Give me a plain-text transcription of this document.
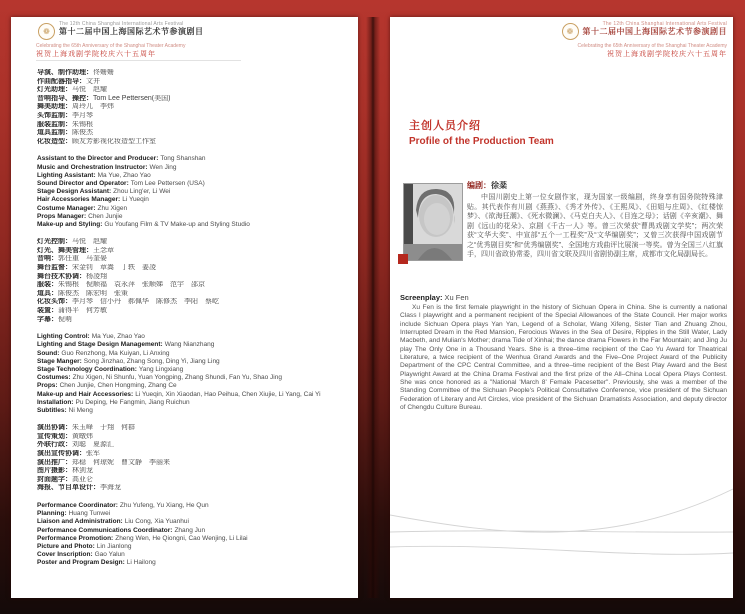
❁
The 12th China Shanghai International Arts Festival
第十二届中国上海国际艺术节参演剧目
Celebrating the 65th Anniversary of the Shanghai Theater Academy
祝贺上海戏剧学院校庆六十五周年
导演、制作助理：佟姗姗
作曲配器指导：文井
灯光助理：马悦　赵耀
音响指导、操控：Tom Lee Pettersen(美国)
舞美助理：周玲儿　李炜
头饰监制：李月琴
服装监制：朱锡根
道具监制：陈俊杰
化妆造型：顾友芳影视化妆造型工作室
Assistant to the Director and Producer: Tong Shanshan
Music and Orchestration Instructor: Wen Jing
Lighting Assistant: Ma Yue, Zhao Yao
Sound Director and Operator: Tom Lee Pettersen (USA)
Stage Design Assistant: Zhou Ling'er, Li Wei
Hair Accessories Manager: Li Yueqin
Costume Manager: Zhu Xigen
Props Manager: Chen Junjie
Make-up and Styling: Gu Youfang Film & TV Make-up and Styling Studio
灯光控制：马悦　赵耀
灯光、舞美管理：王念章
音响：郭任重　马奎晏
舞台监督：宋金钊　章嵩　丁轶　姜凌
舞台技术协调：杨凌翔
服装：朱锡根　倪顺福　袁永萍　张顺娣　范宇　邵京
道具：陈俊杰　陈宏明　张策
化妆头饰：李月琴　信小丹　郝佩华　陈修杰　李阳　蔡屹
装置：蒲得平　何芳敏
字幕：倪萌
Lighting Control: Ma Yue, Zhao Yao
Lighting and Stage Design Management: Wang Nianzhang
Sound: Guo Renzhong, Ma Kuiyan, Li Anxing
Stage Manger: Song Jinzhao, Zhang Song, Ding Yi, Jiang Ling
Stage Technology Coordination: Yang Lingxiang
Costumes: Zhu Xigen, Ni Shunfu, Yuan Yongping, Zhang Shundi, Fan Yu, Shao Jing
Props: Chen Junjie, Chen Hongming, Zhang Ce
Make-up and Hair Accessories: Li Yueqin, Xin Xiaodan, Hao Peihua, Chen Xiujie, Li Yang, Cai Yi
Installation: Pu Deping, He Fangmin, Jiang Ruichun
Subtitles: Ni Meng
演出协调：朱玉峰　于翔　何群
宣传策划：黄暾炜
外联行政：刘聪　夏源汇
演出宣传协调：张军
演出推广：郑稳　何琼妮　曹文静　李丽来
图片摄影：林剑龙
封面题字：高亚仑
海报、节目单设计：李海龙
Performance Coordinator: Zhu Yufeng, Yu Xiang, He Qun
Planning: Huang Tunwei
Liaison and Administration: Liu Cong, Xia Yuanhui
Performance Communications Coordinator: Zhang Jun
Performance Promotion: Zheng Wen, He Qiongni, Cao Wenjing, Li Lilai
Picture and Photo: Lin Jianlong
Cover Inscription: Gao Yalun
Poster and Program Design: Li Hailong
❁
The 12th China Shanghai International Arts Festival
第十二届中国上海国际艺术节参演剧目
Celebrating the 65th Anniversary of the Shanghai Theater Academy
祝贺上海戏剧学院校庆六十五周年
主创人员介绍
Profile of the Production Team
编剧：徐棻

中国川剧史上第一位女剧作家，现为国家一级编剧，终身享有国务院特殊津贴。其代表作有川剧《燕燕》、《秀才外传》、《王熙凤》、《田姐与庄周》、《红楼惊梦》、《欲海狂潮》、《死水微澜》、《马克白夫人》、《目连之母》；话剧《辛亥潮》、舞剧《远山的花朵》、京剧《千古一人》等。曾三次荣获“曹禺戏剧文学奖”；两次荣获“文华大奖”、中宣部“五个一工程奖”及“文华编剧奖”；又曾三次获得中国戏剧节之“优秀剧目奖”和“优秀编剧奖”、全国地方戏曲评比展演一等奖。曾为全国三八红旗手，四川省政协常委，四川省文联及四川省剧协副主席，成都市文化局副局长。

Screenplay: Xu Fen

Xu Fen is the first female playwright in the history of Sichuan Opera in China. She is currently a national Class I playwright and a permanent recipient of the Special Allowances of the State Council. Her major works include Sichuan Opera plays Yan Yan, Legend of a Scholar, Wang Xifeng, Sister Tian and Zhuang Zhou, Interrupted Dream in the Red Mansion, Ferocious Waves in the Sea of Desire, Ripples in the Still Water, Lady Macbeth, and Mulian's Mother; drama Tide of Xinhai; the dance drama Flowers in the Far Mountain; and Jing Ju play The Only One in a Thousand Years. She is a three–time recipient of the Cao Yu Award for Theatrical Literature, a twice recipient of the Wenhua Grand Awards and the Five–One Project Award of the Publicity Department of the CPC Central Committee, and a three–time recipient of the Best Play Award and the Best Playwright Award at the China Drama Festival and the first prize of the All–China Local Opera Plays Contest. She was once honored as a "National 'March 8' Female Pacesetter". Previously, she was a member of the Standing Committee of the Sichuan People's Political Consultative Conference, vice president of the Sichuan Federation of Literary and Art Circles, vice president of the Sichuan Dramatists Association, and deputy director of Chengdu Culture Bureau.
